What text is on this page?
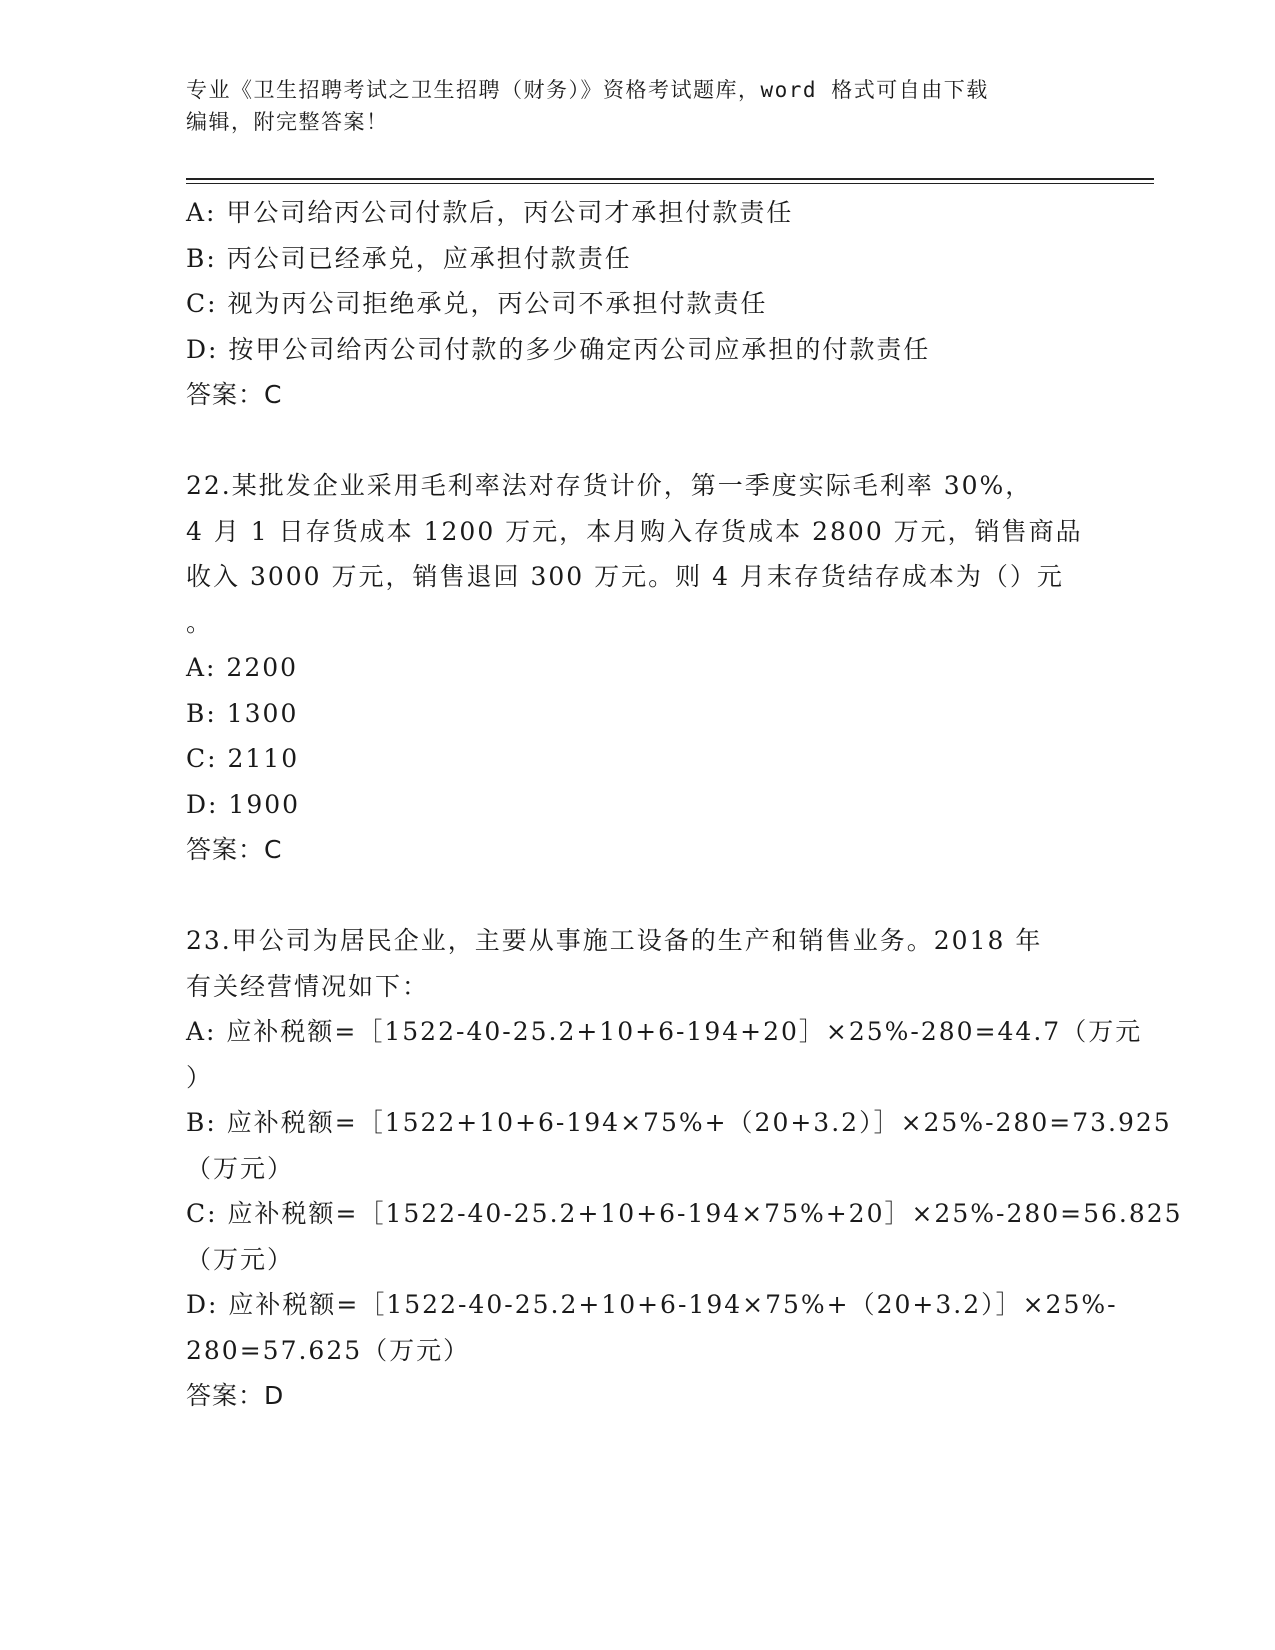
专业《卫生招聘考试之卫生招聘（财务）》资格考试题库，word 格式可自由下载
编辑，附完整答案！
A: 甲公司给丙公司付款后，丙公司才承担付款责任
B: 丙公司已经承兑，应承担付款责任
C: 视为丙公司拒绝承兑，丙公司不承担付款责任
D: 按甲公司给丙公司付款的多少确定丙公司应承担的付款责任
答案：C
22.某批发企业采用毛利率法对存货计价，第一季度实际毛利率 30%，
4 月 1 日存货成本 1200 万元，本月购入存货成本 2800 万元，销售商品
收入 3000 万元，销售退回 300 万元。则 4 月末存货结存成本为（）元
。
A: 2200
B: 1300
C: 2110
D: 1900
答案：C
23.甲公司为居民企业，主要从事施工设备的生产和销售业务。2018 年
有关经营情况如下：
A: 应补税额=［1522-40-25.2+10+6-194+20］×25%-280=44.7（万元
）
B: 应补税额=［1522+10+6-194×75%+（20+3.2）］×25%-280=73.925
（万元）
C: 应补税额=［1522-40-25.2+10+6-194×75%+20］×25%-280=56.825
（万元）
D: 应补税额=［1522-40-25.2+10+6-194×75%+（20+3.2）］×25%-
280=57.625（万元）
答案：D
